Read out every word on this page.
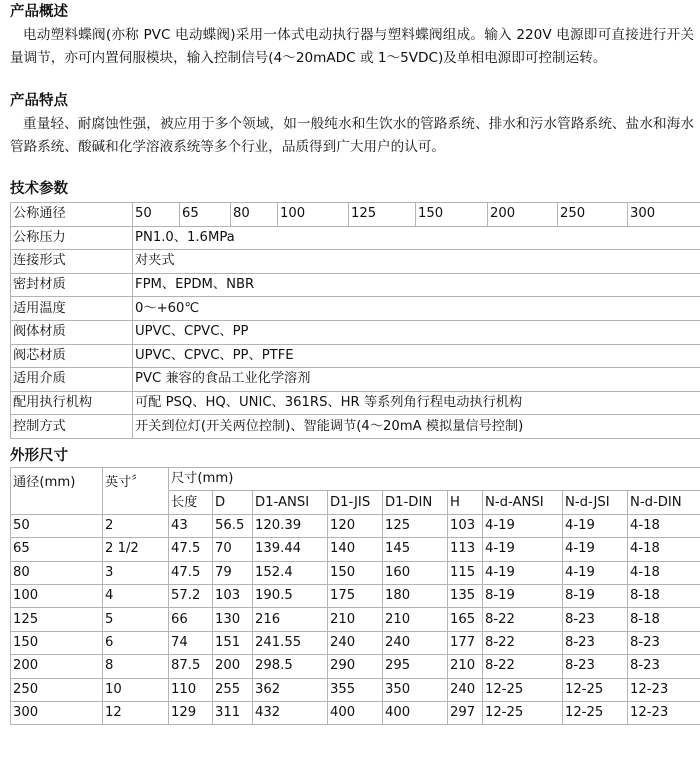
产品概述
电动塑料蝶阀(亦称 PVC 电动蝶阀)采用一体式电动执行器与塑料蝶阀组成。输入 220V 电源即可直接进行开关量调节，亦可内置伺服模块，输入控制信号(4～20mADC 或 1～5VDC)及单相电源即可控制运转。
产品特点
重量轻、耐腐蚀性强，被应用于多个领域，如一般纯水和生饮水的管路系统、排水和污水管路系统、盐水和海水管路系统、酸碱和化学溶液系统等多个行业，品质得到广大用户的认可。
技术参数
公称通径	50	65	80	100	125	150	200	250	300
公称压力	PN1.0、1.6MPa								
连接形式	对夹式								
密封材质	FPM、EPDM、NBR								
适用温度	0～+60℃								
阀体材质	UPVC、CPVC、PP								
阀芯材质	UPVC、CPVC、PP、PTFE								
适用介质	PVC 兼容的食品工业化学溶剂								
配用执行机构	可配 PSQ、HQ、UNIC、361RS、HR 等系列角行程电动执行机构								
控制方式	开关到位灯(开关两位控制)、智能调节(4～20mA 模拟量信号控制)								
外形尺寸
通径(mm)	英寸〞	尺寸(mm)								
		长度	D	D1-ANSI	D1-JIS	D1-DIN	H	N-d-ANSI	N-d-JSI	N-d-DIN
50	2	43	56.5	120.39	120	125	103	4-19	4-19	4-18
65	2 1/2	47.5	70	139.44	140	145	113	4-19	4-19	4-18
80	3	47.5	79	152.4	150	160	115	4-19	4-19	4-18
100	4	57.2	103	190.5	175	180	135	8-19	8-19	8-18
125	5	66	130	216	210	210	165	8-22	8-23	8-18
150	6	74	151	241.55	240	240	177	8-22	8-23	8-23
200	8	87.5	200	298.5	290	295	210	8-22	8-23	8-23
250	10	110	255	362	355	350	240	12-25	12-25	12-23
300	12	129	311	432	400	400	297	12-25	12-25	12-23
